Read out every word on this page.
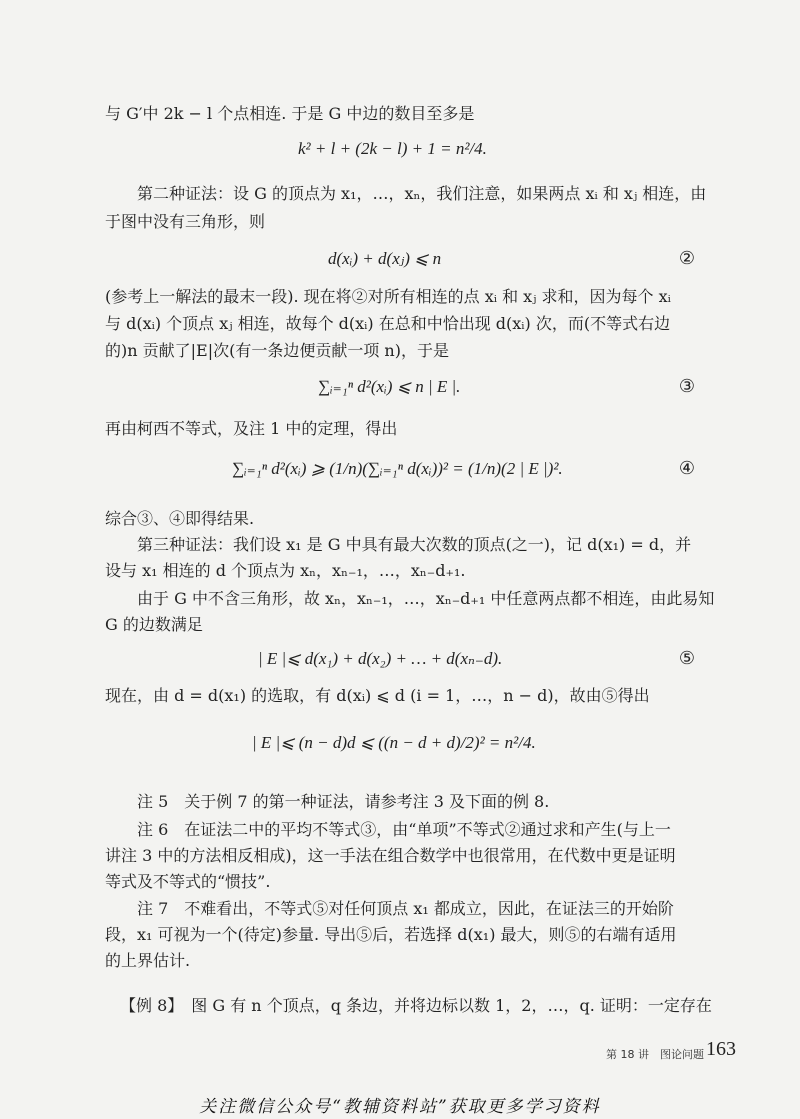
与 G′中 2k − l 个点相连. 于是 G 中边的数目至多是
k² + l + (2k − l) + 1 = n²/4.
第二种证法：设 G 的顶点为 x₁，…，xₙ，我们注意，如果两点 xᵢ 和 xⱼ 相连，由
于图中没有三角形，则
d(xᵢ) + d(xⱼ) ⩽ n	②
(参考上一解法的最末一段). 现在将②对所有相连的点 xᵢ 和 xⱼ 求和，因为每个 xᵢ
与 d(xᵢ) 个顶点 xⱼ 相连，故每个 d(xᵢ) 在总和中恰出现 d(xᵢ) 次，而(不等式右边
的)n 贡献了|E|次(有一条边便贡献一项 n)，于是
∑ᵢ₌₁ⁿ d²(xᵢ) ⩽ n | E |.	③
再由柯西不等式，及注 1 中的定理，得出
∑ᵢ₌₁ⁿ d²(xᵢ) ⩾ (1/n)(∑ᵢ₌₁ⁿ d(xᵢ))² = (1/n)(2 | E |)².	④
综合③、④即得结果.
第三种证法：我们设 x₁ 是 G 中具有最大次数的顶点(之一)，记 d(x₁) = d，并
设与 x₁ 相连的 d 个顶点为 xₙ，xₙ₋₁，…，xₙ₋d₊₁.
由于 G 中不含三角形，故 xₙ，xₙ₋₁，…，xₙ₋d₊₁ 中任意两点都不相连，由此易知
G 的边数满足
| E |⩽ d(x₁) + d(x₂) + … + d(xₙ₋d).	⑤
现在，由 d = d(x₁) 的选取，有 d(xᵢ) ⩽ d (i = 1，…，n − d)，故由⑤得出
| E |⩽ (n − d)d ⩽ ((n − d + d)/2)² = n²/4.
注 5　关于例 7 的第一种证法，请参考注 3 及下面的例 8.
注 6　在证法二中的平均不等式③，由“单项”不等式②通过求和产生(与上一
讲注 3 中的方法相反相成)，这一手法在组合数学中也很常用，在代数中更是证明
等式及不等式的“惯技”.
注 7　不难看出，不等式⑤对任何顶点 x₁ 都成立，因此，在证法三的开始阶
段，x₁ 可视为一个(待定)参量. 导出⑤后，若选择 d(x₁) 最大，则⑤的右端有适用
的上界估计.
【例 8】　图 G 有 n 个顶点，q 条边，并将边标以数 1，2，…，q. 证明：一定存在
第 18 讲　图论问题 163
关注微信公众号“教辅资料站”获取更多学习资料
